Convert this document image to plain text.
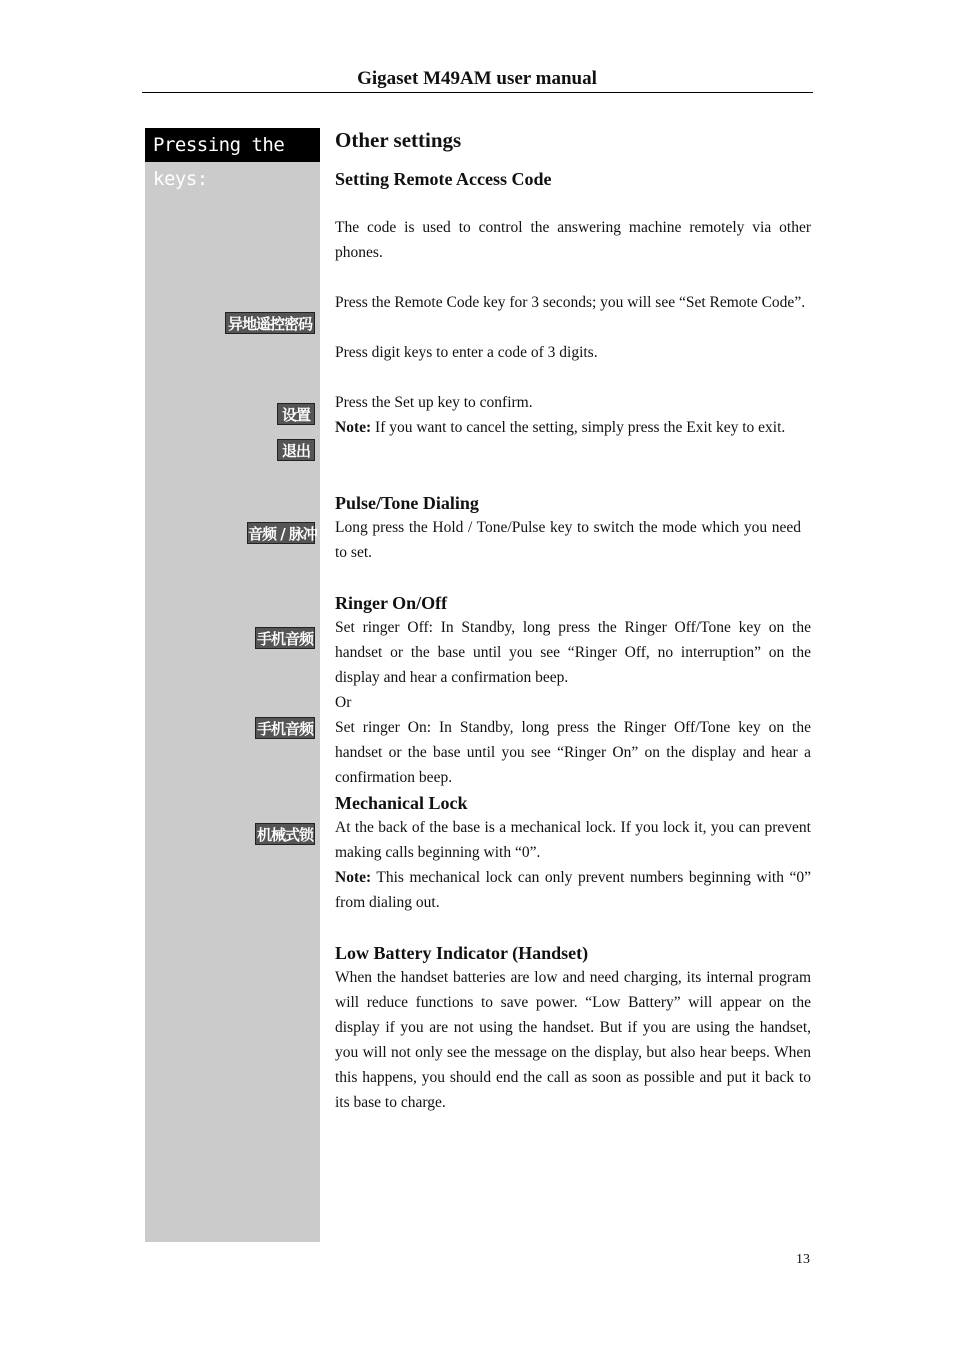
Gigaset M49AM user manual
Pressing the keys:
异地遥控密码
设置
退出
音频 / 脉冲
手机音频
手机音频
机械式锁
Other settings
Setting Remote Access Code
The code is used to control the answering machine remotely via other phones.
Press the Remote Code key for 3 seconds; you will see “Set Remote Code”.
Press digit keys to enter a code of 3 digits.
Press the Set up key to confirm.
Note: If you want to cancel the setting, simply press the Exit key to exit.
Pulse/Tone Dialing
Long press the Hold / Tone/Pulse key to switch the mode which you need to set.
Ringer On/Off
Set ringer Off: In Standby, long press the Ringer Off/Tone key on the handset or the base until you see “Ringer Off, no interruption” on the display and hear a confirmation beep.
Or
Set ringer On: In Standby, long press the Ringer Off/Tone key on the handset or the base until you see “Ringer On” on the display and hear a confirmation beep.
Mechanical Lock
At the back of the base is a mechanical lock. If you lock it, you can prevent making calls beginning with “0”.
Note: This mechanical lock can only prevent numbers beginning with “0” from dialing out.
Low Battery Indicator (Handset)
When the handset batteries are low and need charging, its internal program will reduce functions to save power. “Low Battery” will appear on the display if you are not using the handset. But if you are using the handset, you will not only see the message on the display, but also hear beeps. When this happens, you should end the call as soon as possible and put it back to its base to charge.
13
